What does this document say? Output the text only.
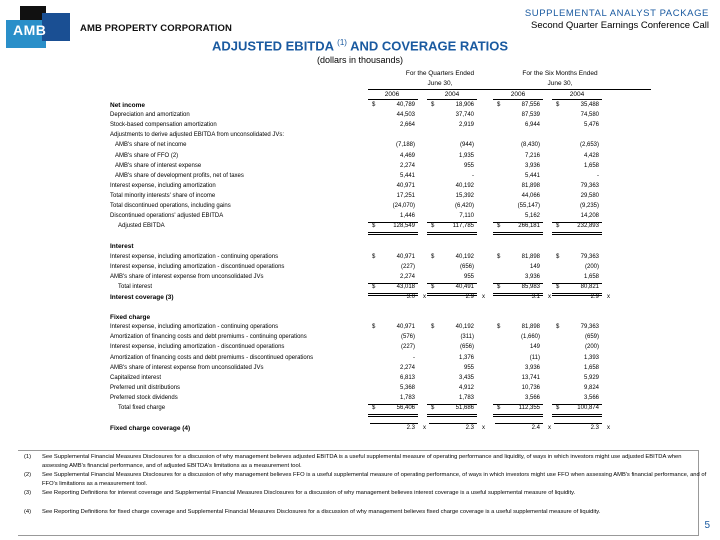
AMB	AMB PROPERTY CORPORATION
SUPPLEMENTAL ANALYST PACKAGE
Second Quarter Earnings Conference Call
ADJUSTED EBITDA $^{(1)}$ AND COVERAGE RATIOS
(dollars in thousands)
For the Quarters Ended
June 30,
For the Six Months Ended
June 30,
2006	2004	2006	2004
Net income	$	40,789	$	18,906	$	87,556	$	35,488
Depreciation and amortization	44,503	37,740	87,539	74,580
Stock-based compensation amortization	2,664	2,919	6,944	5,476
Adjustments to derive adjusted EBITDA from unconsolidated JVs:
AMB's share of net income	(7,188)	(944)	(8,430)	(2,653)
AMB's share of FFO (2)	4,469	1,935	7,216	4,428
AMB's share of interest expense	2,274	955	3,936	1,658
AMB's share of development profits, net of taxes	5,441	-	5,441	-
Interest expense, including amortization	40,971	40,192	81,898	79,363
Total minority interests' share of income	17,251	15,392	44,066	29,580
Total discontinued operations, including gains	(24,070)	(6,420)	(55,147)	(9,235)
Discontinued operations' adjusted EBITDA	1,446	7,110	5,162	14,208
Adjusted EBITDA	$	128,549	$	117,785	$	266,181	$	232,893
Interest
Interest expense, including amortization - continuing operations	$	40,971	$	40,192	$	81,898	$	79,363
Interest expense, including amortization - discontinued operations	(227)	(656)	149	(200)
AMB's share of interest expense from unconsolidated JVs	2,274	955	3,936	1,658
Total interest	$	43,018	$	40,491	$	85,983	$	80,821
Interest coverage (3)	3.0 x	2.9 x	3.1 x	2.9 x
Fixed charge
Interest expense, including amortization - continuing operations	$	40,971	$	40,192	$	81,898	$	79,363
Amortization of financing costs and debt premiums - continuing operations	(576)	(311)	(1,660)	(659)
Interest expense, including amortization - discontinued operations	(227)	(656)	149	(200)
Amortization of financing costs and debt premiums - discontinued operations	-	1,376	(11)	1,393
AMB's share of interest expense from unconsolidated JVs	2,274	955	3,936	1,658
Capitalized interest	6,813	3,435	13,741	5,929
Preferred unit distributions	5,368	4,912	10,736	9,824
Preferred stock dividends	1,783	1,783	3,566	3,566
Total fixed charge	$	56,406	$	51,686	$	112,355	$	100,874
Fixed charge coverage (4)	2.3 x	2.3 x	2.4 x	2.3 x
(1) See Supplemental Financial Measures Disclosures for a discussion of why management believes adjusted EBITDA is a useful supplemental measure of operating performance and liquidity, of ways in which investors might use adjusted EBITDA when assessing AMB's financial performance, and of adjusted EBITDA's limitations as a measurement tool.
(2) See Supplemental Financial Measures Disclosures for a discussion of why management believes FFO is a useful supplemental measure of operating performance, of ways in which investors might use FFO when assessing AMB's financial performance, and of FFO's limitations as a measurement tool.
(3) See Reporting Definitions for interest coverage and Supplemental Financial Measures Disclosures for a discussion of why management believes interest coverage is a useful supplemental measure of liquidity.
(4) See Reporting Definitions for fixed charge coverage and Supplemental Financial Measures Disclosures for a discussion of why management believes fixed charge coverage is a useful supplemental measure of liquidity.
5
